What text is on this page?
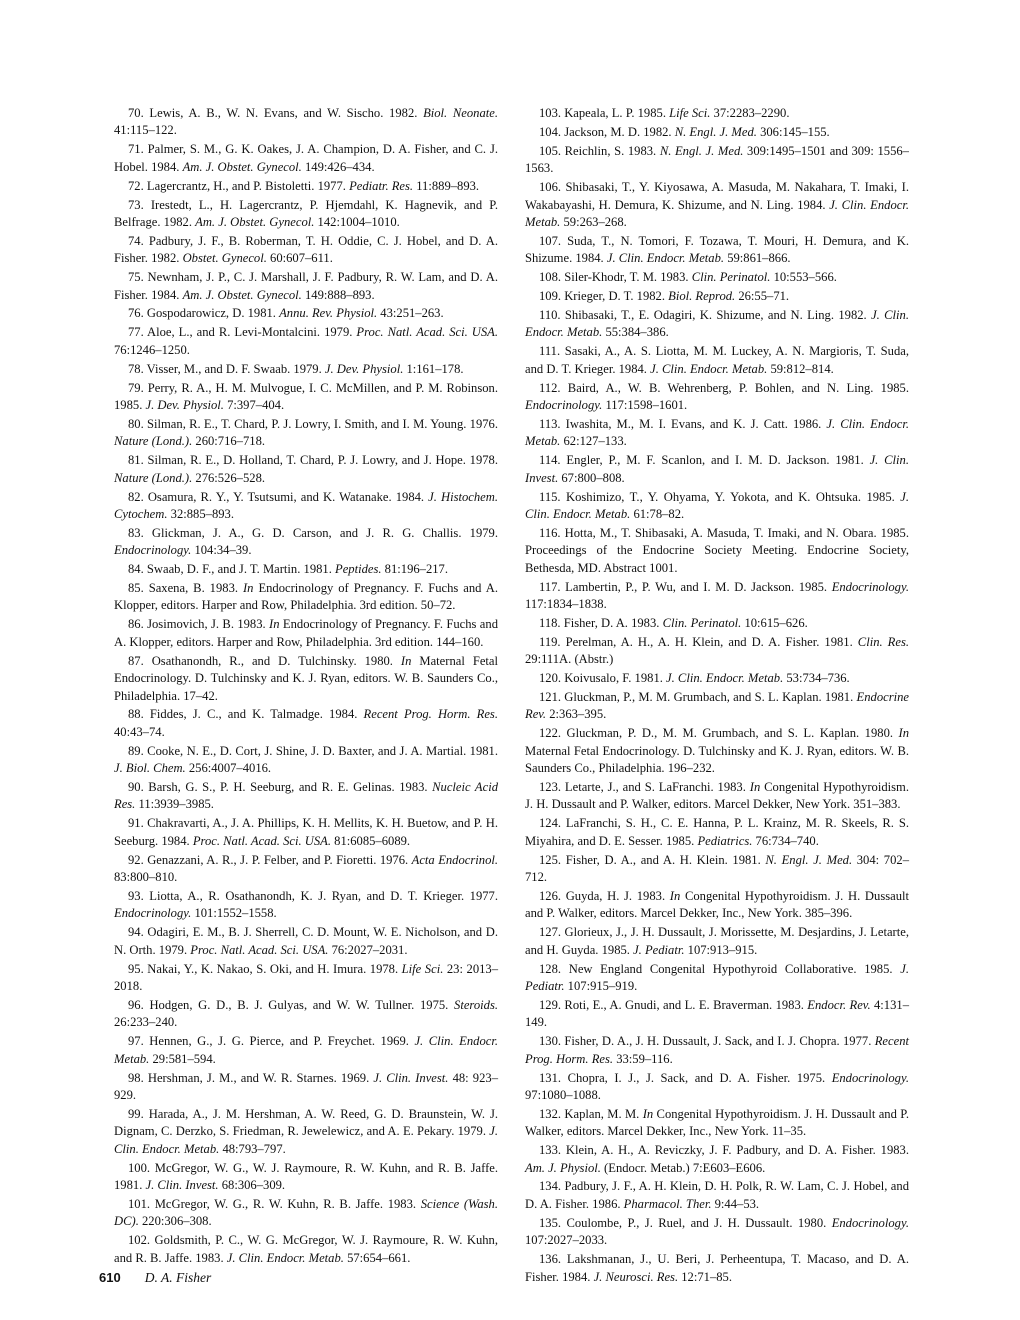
70. Lewis, A. B., W. N. Evans, and W. Sischo. 1982. Biol. Neonate. 41:115–122.

71. Palmer, S. M., G. K. Oakes, J. A. Champion, D. A. Fisher, and C. J. Hobel. 1984. Am. J. Obstet. Gynecol. 149:426–434.

72. Lagercrantz, H., and P. Bistoletti. 1977. Pediatr. Res. 11:889–893.

73. Irestedt, L., H. Lagercrantz, P. Hjemdahl, K. Hagnevik, and P. Belfrage. 1982. Am. J. Obstet. Gynecol. 142:1004–1010.

74. Padbury, J. F., B. Roberman, T. H. Oddie, C. J. Hobel, and D. A. Fisher. 1982. Obstet. Gynecol. 60:607–611.

75. Newnham, J. P., C. J. Marshall, J. F. Padbury, R. W. Lam, and D. A. Fisher. 1984. Am. J. Obstet. Gynecol. 149:888–893.

76. Gospodarowicz, D. 1981. Annu. Rev. Physiol. 43:251–263.

77. Aloe, L., and R. Levi-Montalcini. 1979. Proc. Natl. Acad. Sci. USA. 76:1246–1250.

78. Visser, M., and D. F. Swaab. 1979. J. Dev. Physiol. 1:161–178.

79. Perry, R. A., H. M. Mulvogue, I. C. McMillen, and P. M. Robinson. 1985. J. Dev. Physiol. 7:397–404.

80. Silman, R. E., T. Chard, P. J. Lowry, I. Smith, and I. M. Young. 1976. Nature (Lond.). 260:716–718.

81. Silman, R. E., D. Holland, T. Chard, P. J. Lowry, and J. Hope. 1978. Nature (Lond.). 276:526–528.

82. Osamura, R. Y., Y. Tsutsumi, and K. Watanake. 1984. J. Histochem. Cytochem. 32:885–893.

83. Glickman, J. A., G. D. Carson, and J. R. G. Challis. 1979. Endocrinology. 104:34–39.

84. Swaab, D. F., and J. T. Martin. 1981. Peptides. 81:196–217.

85. Saxena, B. 1983. In Endocrinology of Pregnancy. F. Fuchs and A. Klopper, editors. Harper and Row, Philadelphia. 3rd edition. 50–72.

86. Josimovich, J. B. 1983. In Endocrinology of Pregnancy. F. Fuchs and A. Klopper, editors. Harper and Row, Philadelphia. 3rd edition. 144–160.

87. Osathanondh, R., and D. Tulchinsky. 1980. In Maternal Fetal Endocrinology. D. Tulchinsky and K. J. Ryan, editors. W. B. Saunders Co., Philadelphia. 17–42.

88. Fiddes, J. C., and K. Talmadge. 1984. Recent Prog. Horm. Res. 40:43–74.

89. Cooke, N. E., D. Cort, J. Shine, J. D. Baxter, and J. A. Martial. 1981. J. Biol. Chem. 256:4007–4016.

90. Barsh, G. S., P. H. Seeburg, and R. E. Gelinas. 1983. Nucleic Acid Res. 11:3939–3985.

91. Chakravarti, A., J. A. Phillips, K. H. Mellits, K. H. Buetow, and P. H. Seeburg. 1984. Proc. Natl. Acad. Sci. USA. 81:6085–6089.

92. Genazzani, A. R., J. P. Felber, and P. Fioretti. 1976. Acta Endocrinol. 83:800–810.

93. Liotta, A., R. Osathanondh, K. J. Ryan, and D. T. Krieger. 1977. Endocrinology. 101:1552–1558.

94. Odagiri, E. M., B. J. Sherrell, C. D. Mount, W. E. Nicholson, and D. N. Orth. 1979. Proc. Natl. Acad. Sci. USA. 76:2027–2031.

95. Nakai, Y., K. Nakao, S. Oki, and H. Imura. 1978. Life Sci. 23: 2013–2018.

96. Hodgen, G. D., B. J. Gulyas, and W. W. Tullner. 1975. Steroids. 26:233–240.

97. Hennen, G., J. G. Pierce, and P. Freychet. 1969. J. Clin. Endocr. Metab. 29:581–594.

98. Hershman, J. M., and W. R. Starnes. 1969. J. Clin. Invest. 48: 923–929.

99. Harada, A., J. M. Hershman, A. W. Reed, G. D. Braunstein, W. J. Dignam, C. Derzko, S. Friedman, R. Jewelewicz, and A. E. Pekary. 1979. J. Clin. Endocr. Metab. 48:793–797.

100. McGregor, W. G., W. J. Raymoure, R. W. Kuhn, and R. B. Jaffe. 1981. J. Clin. Invest. 68:306–309.

101. McGregor, W. G., R. W. Kuhn, R. B. Jaffe. 1983. Science (Wash. DC). 220:306–308.

102. Goldsmith, P. C., W. G. McGregor, W. J. Raymoure, R. W. Kuhn, and R. B. Jaffe. 1983. J. Clin. Endocr. Metab. 57:654–661.

103. Kapeala, L. P. 1985. Life Sci. 37:2283–2290.

104. Jackson, M. D. 1982. N. Engl. J. Med. 306:145–155.

105. Reichlin, S. 1983. N. Engl. J. Med. 309:1495–1501 and 309: 1556–1563.

106. Shibasaki, T., Y. Kiyosawa, A. Masuda, M. Nakahara, T. Imaki, I. Wakabayashi, H. Demura, K. Shizume, and N. Ling. 1984. J. Clin. Endocr. Metab. 59:263–268.

107. Suda, T., N. Tomori, F. Tozawa, T. Mouri, H. Demura, and K. Shizume. 1984. J. Clin. Endocr. Metab. 59:861–866.

108. Siler-Khodr, T. M. 1983. Clin. Perinatol. 10:553–566.

109. Krieger, D. T. 1982. Biol. Reprod. 26:55–71.

110. Shibasaki, T., E. Odagiri, K. Shizume, and N. Ling. 1982. J. Clin. Endocr. Metab. 55:384–386.

111. Sasaki, A., A. S. Liotta, M. M. Luckey, A. N. Margioris, T. Suda, and D. T. Krieger. 1984. J. Clin. Endocr. Metab. 59:812–814.

112. Baird, A., W. B. Wehrenberg, P. Bohlen, and N. Ling. 1985. Endocrinology. 117:1598–1601.

113. Iwashita, M., M. I. Evans, and K. J. Catt. 1986. J. Clin. Endocr. Metab. 62:127–133.

114. Engler, P., M. F. Scanlon, and I. M. D. Jackson. 1981. J. Clin. Invest. 67:800–808.

115. Koshimizo, T., Y. Ohyama, Y. Yokota, and K. Ohtsuka. 1985. J. Clin. Endocr. Metab. 61:78–82.

116. Hotta, M., T. Shibasaki, A. Masuda, T. Imaki, and N. Obara. 1985. Proceedings of the Endocrine Society Meeting. Endocrine Society, Bethesda, MD. Abstract 1001.

117. Lambertin, P., P. Wu, and I. M. D. Jackson. 1985. Endocrinology. 117:1834–1838.

118. Fisher, D. A. 1983. Clin. Perinatol. 10:615–626.

119. Perelman, A. H., A. H. Klein, and D. A. Fisher. 1981. Clin. Res. 29:111A. (Abstr.)

120. Koivusalo, F. 1981. J. Clin. Endocr. Metab. 53:734–736.

121. Gluckman, P., M. M. Grumbach, and S. L. Kaplan. 1981. Endocrine Rev. 2:363–395.

122. Gluckman, P. D., M. M. Grumbach, and S. L. Kaplan. 1980. In Maternal Fetal Endocrinology. D. Tulchinsky and K. J. Ryan, editors. W. B. Saunders Co., Philadelphia. 196–232.

123. Letarte, J., and S. LaFranchi. 1983. In Congenital Hypothyroidism. J. H. Dussault and P. Walker, editors. Marcel Dekker, New York. 351–383.

124. LaFranchi, S. H., C. E. Hanna, P. L. Krainz, M. R. Skeels, R. S. Miyahira, and D. E. Sesser. 1985. Pediatrics. 76:734–740.

125. Fisher, D. A., and A. H. Klein. 1981. N. Engl. J. Med. 304: 702–712.

126. Guyda, H. J. 1983. In Congenital Hypothyroidism. J. H. Dussault and P. Walker, editors. Marcel Dekker, Inc., New York. 385–396.

127. Glorieux, J., J. H. Dussault, J. Morissette, M. Desjardins, J. Letarte, and H. Guyda. 1985. J. Pediatr. 107:913–915.

128. New England Congenital Hypothyroid Collaborative. 1985. J. Pediatr. 107:915–919.

129. Roti, E., A. Gnudi, and L. E. Braverman. 1983. Endocr. Rev. 4:131–149.

130. Fisher, D. A., J. H. Dussault, J. Sack, and I. J. Chopra. 1977. Recent Prog. Horm. Res. 33:59–116.

131. Chopra, I. J., J. Sack, and D. A. Fisher. 1975. Endocrinology. 97:1080–1088.

132. Kaplan, M. M. In Congenital Hypothyroidism. J. H. Dussault and P. Walker, editors. Marcel Dekker, Inc., New York. 11–35.

133. Klein, A. H., A. Reviczky, J. F. Padbury, and D. A. Fisher. 1983. Am. J. Physiol. (Endocr. Metab.) 7:E603–E606.

134. Padbury, J. F., A. H. Klein, D. H. Polk, R. W. Lam, C. J. Hobel, and D. A. Fisher. 1986. Pharmacol. Ther. 9:44–53.

135. Coulombe, P., J. Ruel, and J. H. Dussault. 1980. Endocrinology. 107:2027–2033.

136. Lakshmanan, J., U. Beri, J. Perheentupa, T. Macaso, and D. A. Fisher. 1984. J. Neurosci. Res. 12:71–85.

610 D. A. Fisher
